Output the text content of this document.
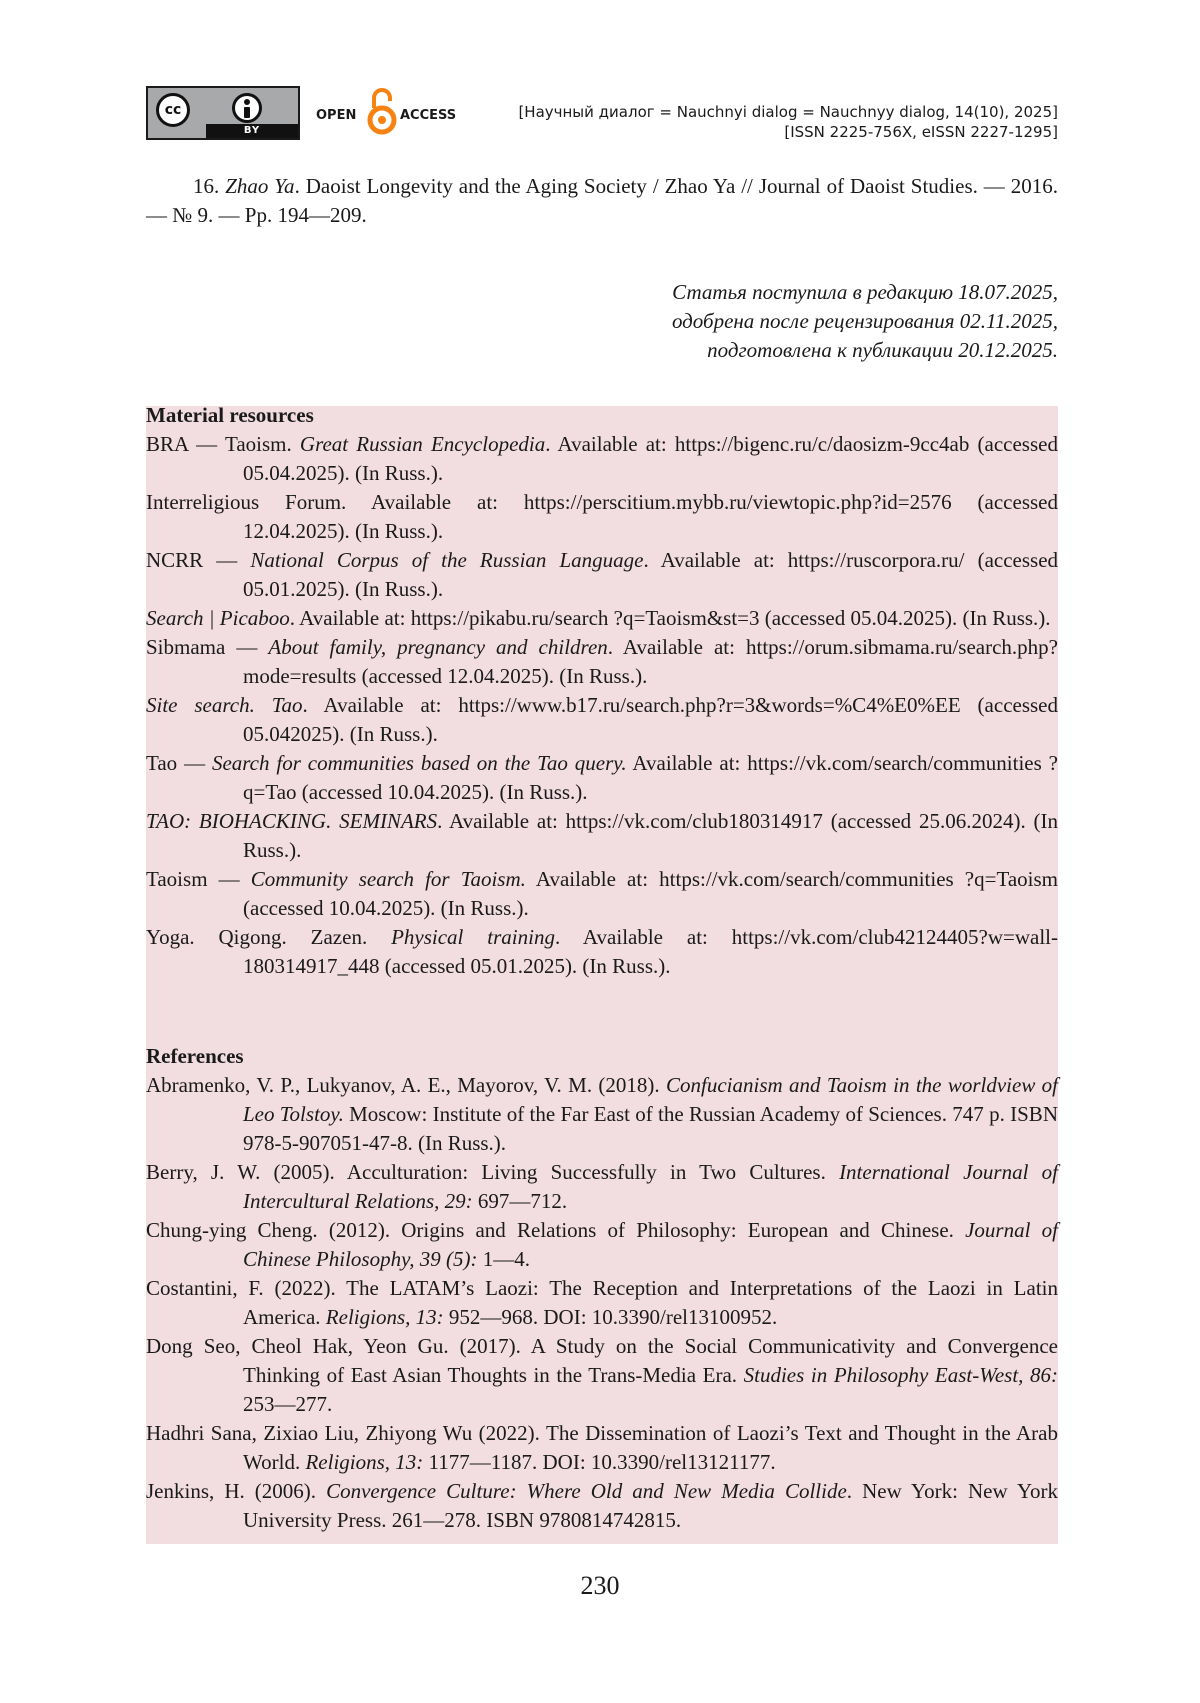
cc
BY
OPEN	ACCESS	[Научный диалог = Nauchnyi dialog = Nauchnyy dialog, 14(10), 2025]
[ISSN 2225-756X, eISSN 2227-1295]
16. Zhao Ya. Daoist Longevity and the Aging Society / Zhao Ya // Journal of Daoist Studies. — 2016. — № 9. — Pp. 194—209.
Статья поступила в редакцию 18.07.2025,
одобрена после рецензирования 02.11.2025,
подготовлена к публикации 20.12.2025.
Material resources

BRA — Taoism. Great Russian Encyclopedia. Available at: https://bigenc.ru/c/daosizm-9cc4ab (accessed 05.04.2025). (In Russ.).

Interreligious Forum. Available at: https://perscitium.mybb.ru/viewtopic.php?id=2576 (accessed 12.04.2025). (In Russ.).

NCRR — National Corpus of the Russian Language. Available at: https://ruscorpora.ru/ (accessed 05.01.2025). (In Russ.).

Search | Picaboo. Available at: https://pikabu.ru/search ?q=Taoism&st=3 (accessed 05.04.2025). (In Russ.).

Sibmama — About family, pregnancy and children. Available at: https://orum.sibmama.ru/search.php?mode=results (accessed 12.04.2025). (In Russ.).

Site search. Tao. Available at: https://www.b17.ru/search.php?r=3&words=%C4%E0%EE (accessed 05.042025). (In Russ.).

Tao — Search for communities based on the Tao query. Available at: https://vk.com/search/communities ?q=Tao (accessed 10.04.2025). (In Russ.).

TAO: BIOHACKING. SEMINARS. Available at: https://vk.com/club180314917 (accessed 25.06.2024). (In Russ.).

Taoism — Community search for Taoism. Available at: https://vk.com/search/communities ?q=Taoism (accessed 10.04.2025). (In Russ.).

Yoga. Qigong. Zazen. Physical training. Available at: https://vk.com/club42124405?w=wall-180314917_448 (accessed 05.01.2025). (In Russ.).

References

Abramenko, V. P., Lukyanov, A. E., Mayorov, V. M. (2018). Confucianism and Taoism in the worldview of Leo Tolstoy. Moscow: Institute of the Far East of the Russian Academy of Sciences. 747 p. ISBN 978-5-907051-47-8. (In Russ.).

Berry, J. W. (2005). Acculturation: Living Successfully in Two Cultures. International Journal of Intercultural Relations, 29: 697—712.

Chung-ying Cheng. (2012). Origins and Relations of Philosophy: European and Chinese. Journal of Chinese Philosophy, 39 (5): 1—4.

Costantini, F. (2022). The LATAM’s Laozi: The Reception and Interpretations of the Laozi in Latin America. Religions, 13: 952—968. DOI: 10.3390/rel13100952.

Dong Seo, Cheol Hak, Yeon Gu. (2017). A Study on the Social Communicativity and Convergence Thinking of East Asian Thoughts in the Trans-Media Era. Studies in Philosophy East-West, 86: 253—277.

Hadhri Sana, Zixiao Liu, Zhiyong Wu (2022). The Dissemination of Laozi’s Text and Thought in the Arab World. Religions, 13: 1177—1187. DOI: 10.3390/rel13121177.

Jenkins, H. (2006). Convergence Culture: Where Old and New Media Collide. New York: New York University Press. 261—278. ISBN 9780814742815.

230
